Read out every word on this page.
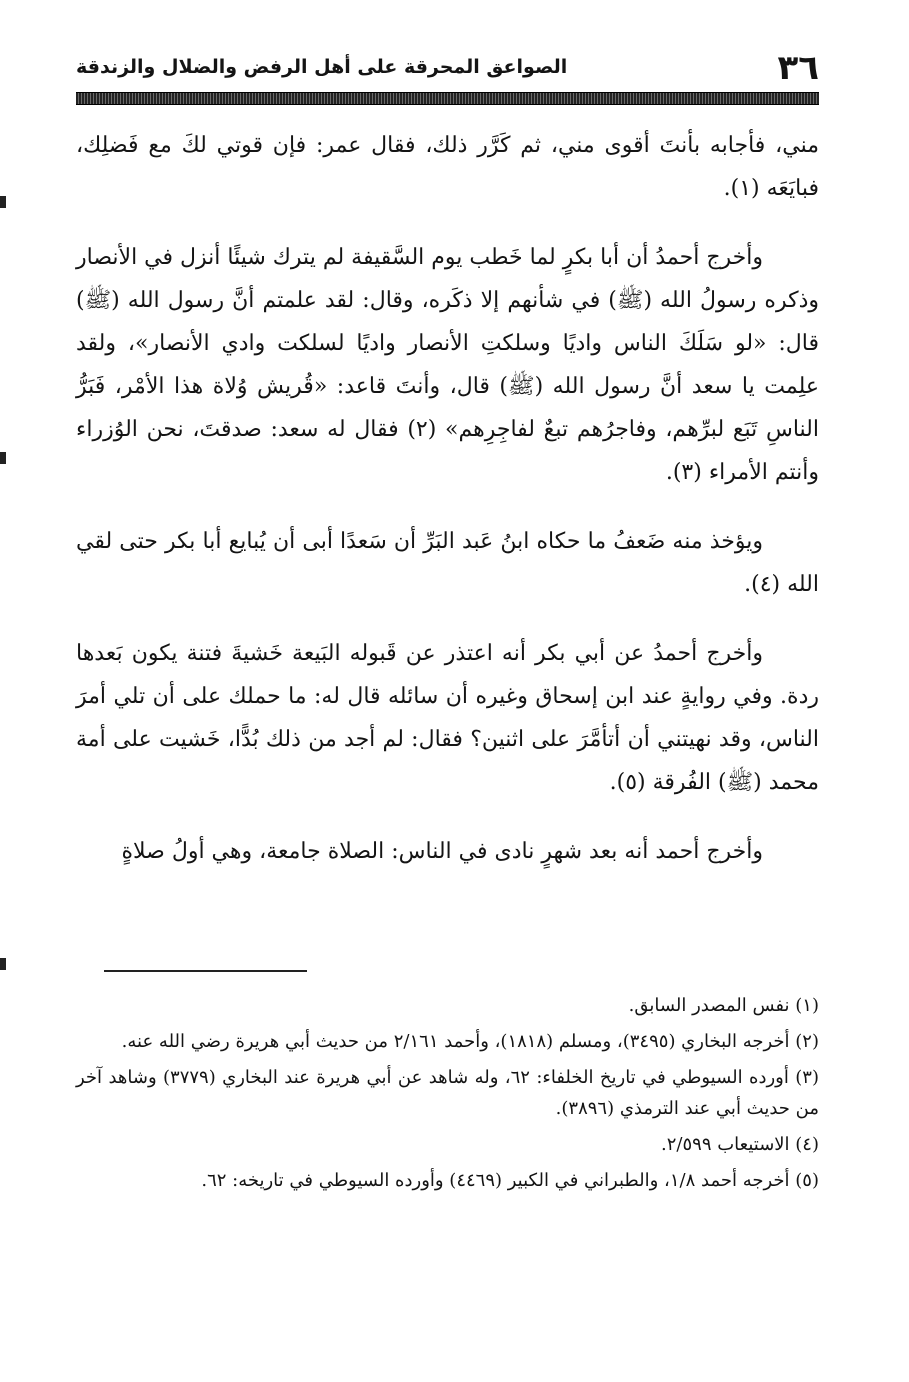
٣٦
الصواعق المحرقة على أهل الرفض والضلال والزندقة

مني، فأجابه بأنتَ أقوى مني، ثم كَرَّر ذلك، فقال عمر: فإن قوتي لكَ مع فَضلِك، فبايَعَه (١).

وأخرج أحمدُ أن أبا بكرٍ لما خَطب يوم السَّقيفة لم يترك شيئًا أنزل في الأنصار وذكره رسولُ الله (ﷺ) في شأنهم إلا ذكَره، وقال: لقد علمتم أنَّ رسول الله (ﷺ) قال: «لو سَلَكَ الناس واديًا وسلكتِ الأنصار واديًا لسلكت وادي الأنصار»، ولقد علِمت يا سعد أنَّ رسول الله (ﷺ) قال، وأنتَ قاعد: «قُريش وُلاة هذا الأمْر، فَبَرُّ الناسِ تَبَع لبرِّهم، وفاجرُهم تبعٌ لفاجِرِهم» (٢) فقال له سعد: صدقتَ، نحن الوُزراء وأنتم الأمراء (٣).

ويؤخذ منه ضَعفُ ما حكاه ابنُ عَبد البَرِّ أن سَعدًا أبى أن يُبايع أبا بكر حتى لقي الله (٤).

وأخرج أحمدُ عن أبي بكر أنه اعتذر عن قَبوله البَيعة خَشيةَ فتنة يكون بَعدها ردة. وفي روايةٍ عند ابن إسحاق وغيره أن سائله قال له: ما حملك على أن تلي أمرَ الناس، وقد نهيتني أن أتأمَّرَ على اثنين؟ فقال: لم أجد من ذلك بُدًّا، خَشيت على أمة محمد (ﷺ) الفُرقة (٥).

وأخرج أحمد أنه بعد شهرٍ نادى في الناس: الصلاة جامعة، وهي أولُ صلاةٍ

(١) نفس المصدر السابق.

(٢) أخرجه البخاري (٣٤٩٥)، ومسلم (١٨١٨)، وأحمد ٢/١٦١ من حديث أبي هريرة رضي الله عنه.

(٣) أورده السيوطي في تاريخ الخلفاء: ٦٢، وله شاهد عن أبي هريرة عند البخاري (٣٧٧٩) وشاهد آخر من حديث أبي عند الترمذي (٣٨٩٦).

(٤) الاستيعاب ٢/٥٩٩.

(٥) أخرجه أحمد ١/٨، والطبراني في الكبير (٤٤٦٩) وأورده السيوطي في تاريخه: ٦٢.
